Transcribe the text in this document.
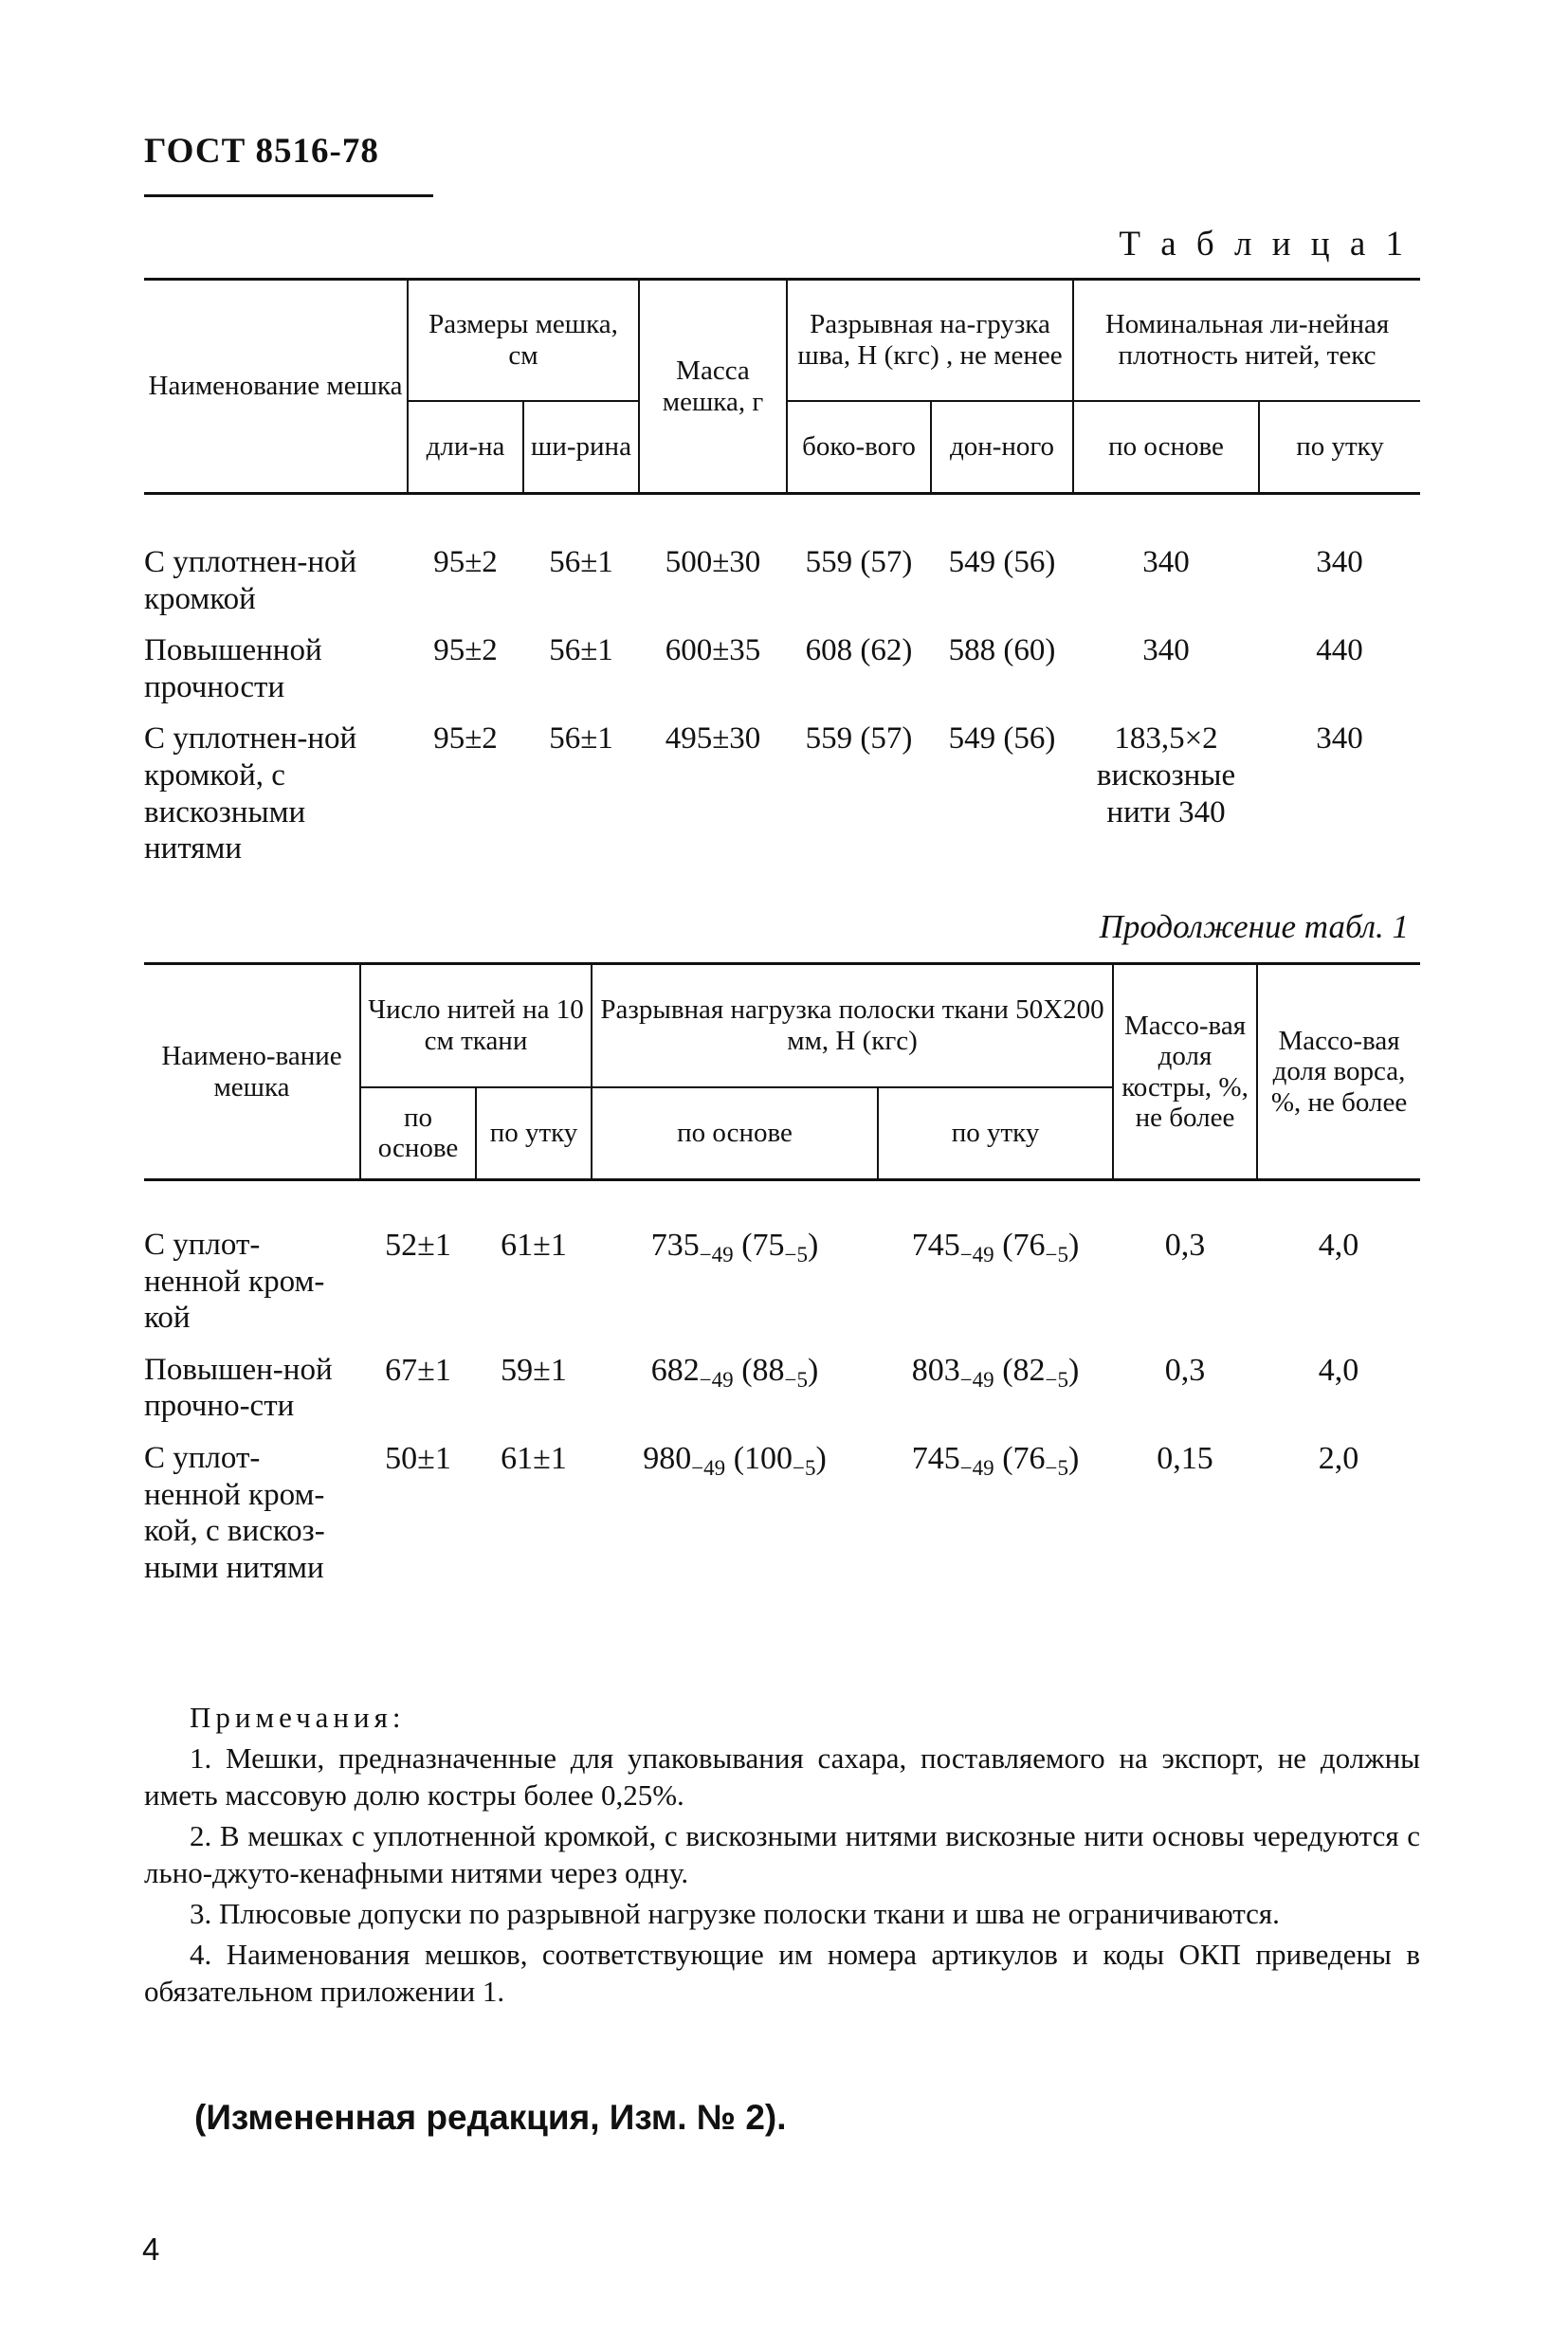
ГОСТ 8516-78
Т а б л и ц а 1
Наименование мешка	Размеры мешка, см		Масса мешка, г	Разрывная на-грузка шва, Н (кгс) , не менее		Номинальная ли-нейная плотность нитей, текс	
	дли-на	ши-рина		боко-вого	дон-ного	по основе	по утку
С уплотнен-ной кромкой	95±2	56±1	500±30	559 (57)	549 (56)	340	340
Повышенной прочности	95±2	56±1	600±35	608 (62)	588 (60)	340	440
С уплотнен-ной кромкой, с вискозными нитями	95±2	56±1	495±30	559 (57)	549 (56)	183,5×2 вискозные нити 340	340
Продолжение табл. 1
Наимено-вание мешка	Число нитей на 10 см ткани		Разрывная нагрузка полоски ткани 50Х200 мм, Н (кгс)		Массо-вая доля костры, %, не более	Массо-вая доля ворса, %, не более
	по основе	по утку	по основе	по утку		
С уплот-ненной кром-кой	52±1	61±1	$735_{-49}$ $(75_{-5})$	$745_{-49}$ $(76_{-5})$	0,3	4,0
Повышен-ной прочно-сти	67±1	59±1	$682_{-49}$ $(88_{-5})$	$803_{-49}$ $(82_{-5})$	0,3	4,0
С уплот-ненной кром-кой, с вискоз-ными нитями	50±1	61±1	$980_{-49}$ $(100_{-5})$	$745_{-49}$ $(76_{-5})$	0,15	2,0
Примечания:

1. Мешки, предназначенные для упаковывания сахара, поставляемого на экспорт, не должны иметь массовую долю костры более 0,25%.

2. В мешках с уплотненной кромкой, с вискозными нитями вискозные нити основы чередуются с льно-джуто-кенафными нитями через одну.

3. Плюсовые допуски по разрывной нагрузке полоски ткани и шва не ограничиваются.

4. Наименования мешков, соответствующие им номера артикулов и коды ОКП приведены в обязательном приложении 1.

(Измененная редакция, Изм. № 2).
4
